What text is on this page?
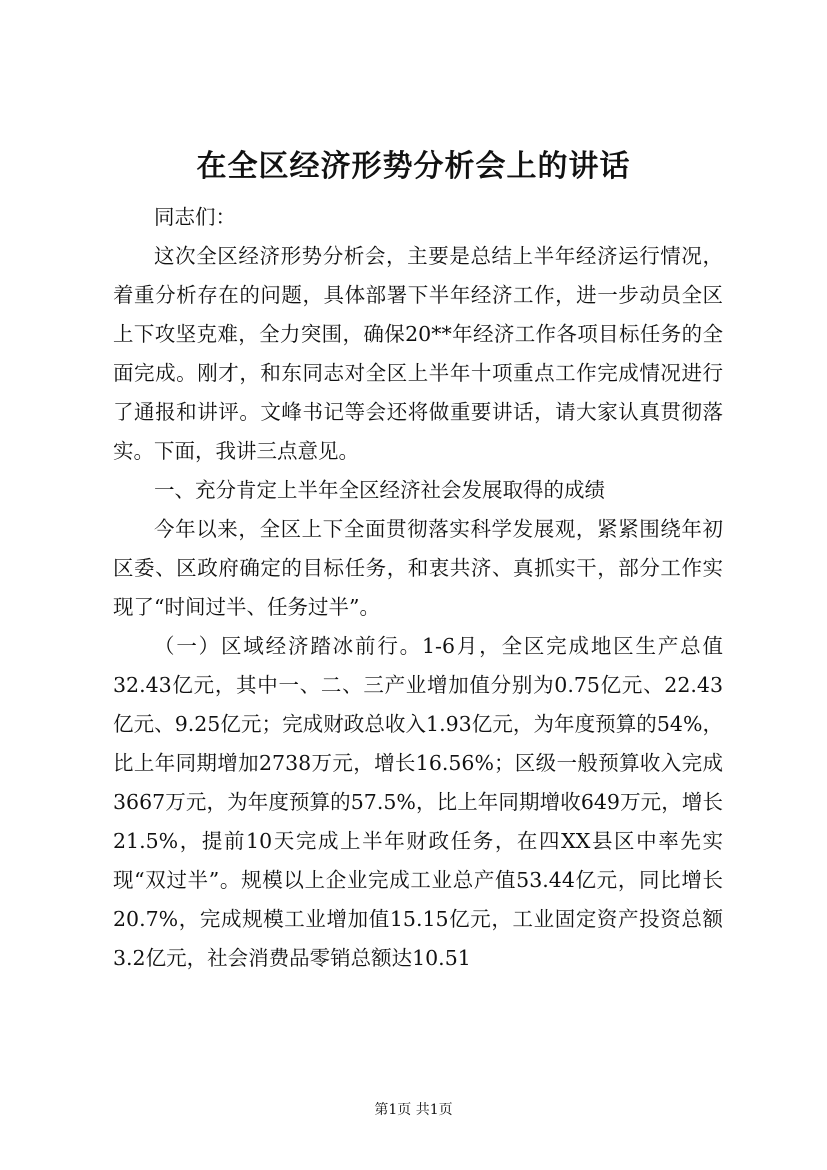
在全区经济形势分析会上的讲话

同志们：

这次全区经济形势分析会，主要是总结上半年经济运行情况，着重分析存在的问题，具体部署下半年经济工作，进一步动员全区上下攻坚克难，全力突围，确保20**年经济工作各项目标任务的全面完成。刚才，和东同志对全区上半年十项重点工作完成情况进行了通报和讲评。文峰书记等会还将做重要讲话，请大家认真贯彻落实。下面，我讲三点意见。

一、充分肯定上半年全区经济社会发展取得的成绩

今年以来，全区上下全面贯彻落实科学发展观，紧紧围绕年初区委、区政府确定的目标任务，和衷共济、真抓实干，部分工作实现了“时间过半、任务过半”。

（一）区域经济踏冰前行。1-6月，全区完成地区生产总值32.43亿元，其中一、二、三产业增加值分别为0.75亿元、22.43亿元、9.25亿元；完成财政总收入1.93亿元，为年度预算的54%，比上年同期增加2738万元，增长16.56%；区级一般预算收入完成3667万元，为年度预算的57.5%，比上年同期增收649万元，增长21.5%，提前10天完成上半年财政任务，在四XX县区中率先实现“双过半”。规模以上企业完成工业总产值53.44亿元，同比增长20.7%，完成规模工业增加值15.15亿元，工业固定资产投资总额3.2亿元，社会消费品零销总额达10.51

第1页 共1页
